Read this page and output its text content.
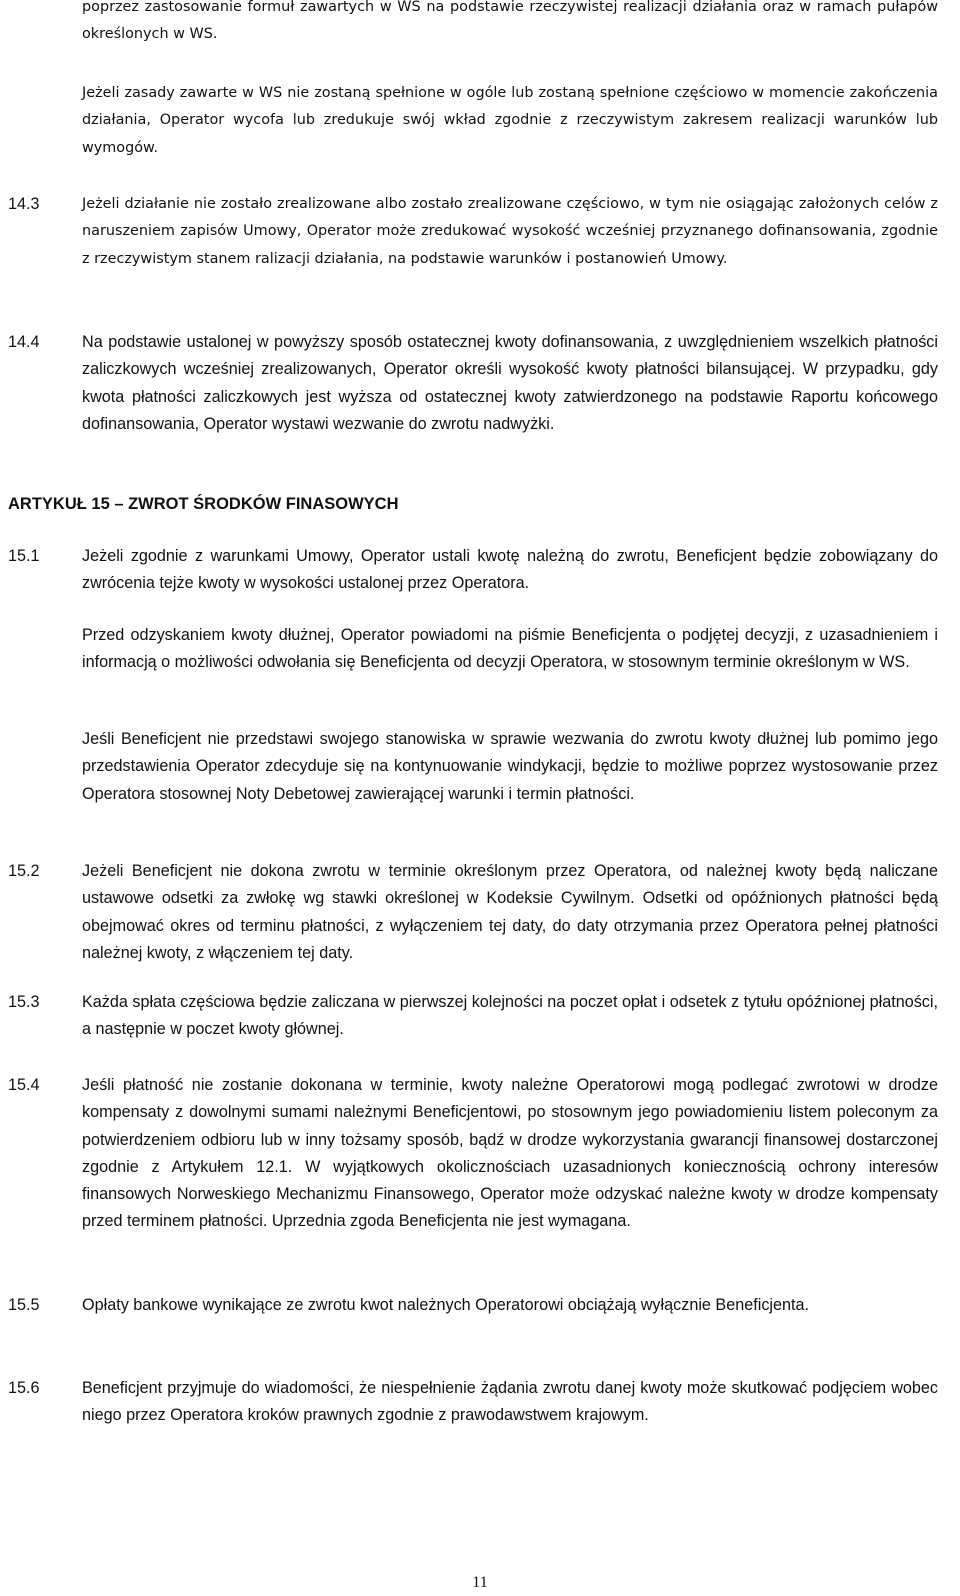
poprzez zastosowanie formuł zawartych w WS na podstawie rzeczywistej realizacji działania oraz w ramach pułapów określonych w WS.

Jeżeli zasady zawarte w WS nie zostaną spełnione w ogóle lub zostaną spełnione częściowo w momencie zakończenia działania, Operator wycofa lub zredukuje swój wkład zgodnie z rzeczywistym zakresem realizacji warunków lub wymogów.

14.3	Jeżeli działanie nie zostało zrealizowane albo zostało zrealizowane częściowo, w tym nie osiągając założonych celów z naruszeniem zapisów Umowy, Operator może zredukować wysokość wcześniej przyznanego dofinansowania, zgodnie z rzeczywistym stanem ralizacji działania, na podstawie warunków i postanowień Umowy.

14.4	Na podstawie ustalonej w powyższy sposób ostatecznej kwoty dofinansowania, z uwzględnieniem wszelkich płatności zaliczkowych wcześniej zrealizowanych, Operator określi wysokość kwoty płatności bilansującej. W przypadku, gdy kwota płatności zaliczkowych jest wyższa od ostatecznej kwoty zatwierdzonego na podstawie Raportu końcowego dofinansowania, Operator wystawi wezwanie do zwrotu nadwyżki.

ARTYKUŁ 15 – ZWROT ŚRODKÓW FINASOWYCH

15.1	Jeżeli zgodnie z warunkami Umowy, Operator ustali kwotę należną do zwrotu, Beneficjent będzie zobowiązany do zwrócenia tejże kwoty w wysokości ustalonej przez Operatora.

Przed odzyskaniem kwoty dłużnej, Operator powiadomi na piśmie Beneficjenta o podjętej decyzji, z uzasadnieniem i informacją o możliwości odwołania się Beneficjenta od decyzji Operatora, w stosownym terminie określonym w WS.

Jeśli Beneficjent nie przedstawi swojego stanowiska w sprawie wezwania do zwrotu kwoty dłużnej lub pomimo jego przedstawienia Operator zdecyduje się na kontynuowanie windykacji, będzie to możliwe poprzez wystosowanie przez Operatora stosownej Noty Debetowej zawierającej warunki i termin płatności.

15.2	Jeżeli Beneficjent nie dokona zwrotu w terminie określonym przez Operatora, od należnej kwoty będą naliczane ustawowe odsetki za zwłokę wg stawki określonej w Kodeksie Cywilnym. Odsetki od opóźnionych płatności będą obejmować okres od terminu płatności, z wyłączeniem tej daty, do daty otrzymania przez Operatora pełnej płatności należnej kwoty, z włączeniem tej daty.

15.3	Każda spłata częściowa będzie zaliczana w pierwszej kolejności na poczet opłat i odsetek z tytułu opóźnionej płatności, a następnie w poczet kwoty głównej.

15.4	Jeśli płatność nie zostanie dokonana w terminie, kwoty należne Operatorowi mogą podlegać zwrotowi w drodze kompensaty z dowolnymi sumami należnymi Beneficjentowi, po stosownym jego powiadomieniu listem poleconym za potwierdzeniem odbioru lub w inny tożsamy sposób, bądź w drodze wykorzystania gwarancji finansowej dostarczonej zgodnie z Artykułem 12.1. W wyjątkowych okolicznościach uzasadnionych koniecznością ochrony interesów finansowych Norweskiego Mechanizmu Finansowego, Operator może odzyskać należne kwoty w drodze kompensaty przed terminem płatności. Uprzednia zgoda Beneficjenta nie jest wymagana.

15.5	Opłaty bankowe wynikające ze zwrotu kwot należnych Operatorowi obciążają wyłącznie Beneficjenta.

15.6	Beneficjent przyjmuje do wiadomości, że niespełnienie żądania zwrotu danej kwoty może skutkować podjęciem wobec niego przez Operatora kroków prawnych zgodnie z prawodawstwem krajowym.

11
